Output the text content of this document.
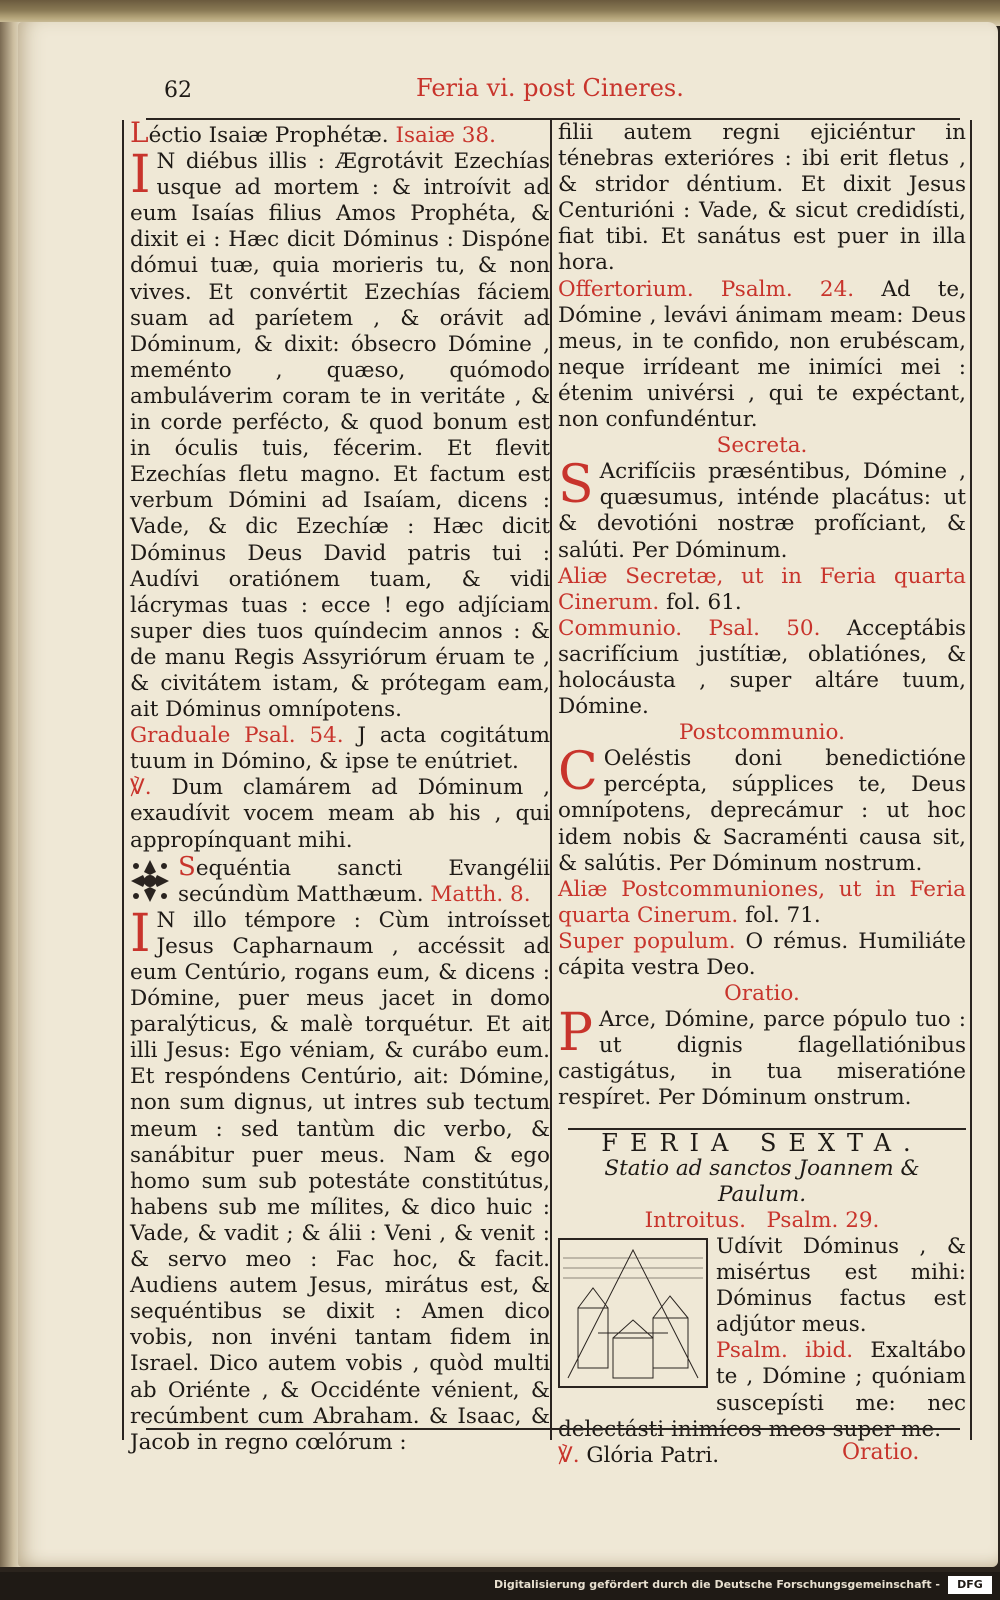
62	Feria vi. post Cineres.

Léctio Isaiæ Prophétæ. Isaiæ 38.

I N diébus illis : Ægrotávit Ezechías usque ad mortem : & introívit ad eum Isaías filius Amos Prophéta, & dixit ei : Hæc dicit Dóminus : Dispóne dómui tuæ, quia morieris tu, & non vives. Et convértit Ezechías fáciem suam ad paríetem , & orávit ad Dóminum, & dixit: óbsecro Dómine , meménto , quæso, quómodo ambuláverim coram te in veritáte , & in corde perfécto, & quod bonum est in óculis tuis, fécerim. Et flevit Ezechías fletu magno. Et factum est verbum Dómini ad Isaíam, dicens : Vade, & dic Ezechíæ : Hæc dicit Dóminus Deus David patris tui : Audívi oratiónem tuam, & vidi lácrymas tuas : ecce ! ego adjíciam super dies tuos quíndecim annos : & de manu Regis Assyriórum éruam te , & civitátem istam, & prótegam eam, ait Dóminus omnípotens.

Graduale Psal. 54. J acta cogitátum tuum in Dómino, & ipse te enútriet.

℣. Dum clamárem ad Dóminum , exaudívit vocem meam ab his , qui appropínquant mihi.

Sequéntia sancti Evangélii secúndùm Matthæum. Matth. 8.

I N illo témpore : Cùm introísset Jesus Capharnaum , accéssit ad eum Centúrio, rogans eum, & dicens : Dómine, puer meus jacet in domo paralýticus, & malè torquétur. Et ait illi Jesus: Ego véniam, & curábo eum. Et respóndens Centúrio, ait: Dómine, non sum dignus, ut intres sub tectum meum : sed tantùm dic verbo, & sanábitur puer meus. Nam & ego homo sum sub potestáte constitútus, habens sub me mílites, & dico huic : Vade, & vadit ; & álii : Veni , & venit : & servo meo : Fac hoc, & facit. Audiens autem Jesus, mirátus est, & sequéntibus se dixit : Amen dico vobis, non invéni tantam fidem in Israel. Dico autem vobis , quòd multi ab Oriénte , & Occidénte vénient, & recúmbent cum Abraham. & Isaac, & Jacob in regno cœlórum :

filii autem regni ejiciéntur in ténebras exterióres : ibi erit fletus , & stridor déntium. Et dixit Jesus Centurióni : Vade, & sicut credidísti, fiat tibi. Et sanátus est puer in illa hora.

Offertorium. Psalm. 24. Ad te, Dómine , levávi ánimam meam: Deus meus, in te confido, non erubéscam, neque irrídeant me inimíci mei : étenim univérsi , qui te expéctant, non confundéntur.

Secreta.

S Acrifíciis præséntibus, Dómine , quæsumus, inténde placátus: ut & devotióni nostræ profíciant, & salúti. Per Dóminum.

Aliæ Secretæ, ut in Feria quarta Cinerum. fol. 61.

Communio. Psal. 50. Acceptábis sacrifícium justítiæ, oblatiónes, & holocáusta , super altáre tuum, Dómine.

Postcommunio.

C Oeléstis doni benedictióne percépta, súpplices te, Deus omnípotens, deprecámur : ut hoc idem nobis & Sacraménti causa sit, & salútis. Per Dóminum nostrum.

Aliæ Postcommuniones, ut in Feria quarta Cinerum. fol. 71.

Super populum. O rémus. Humiliáte cápita vestra Deo.

Oratio.

P Arce, Dómine, parce pópulo tuo : ut dignis flagellatiónibus castigátus, in tua miseratióne respíret. Per Dóminum onstrum.

FERIA SEXTA.

Statio ad sanctos Joannem & Paulum.

Introitus. Psalm. 29.

Udívit Dóminus , & misértus est mihi: Dóminus factus est adjútor meus.

Psalm. ibid. Exaltábo te , Dómine ; quóniam suscepísti me: nec delectásti inimícos meos super me.

℣. Glória Patri.	Oratio.
Digitalisierung gefördert durch die Deutsche Forschungsgemeinschaft -	DFG
